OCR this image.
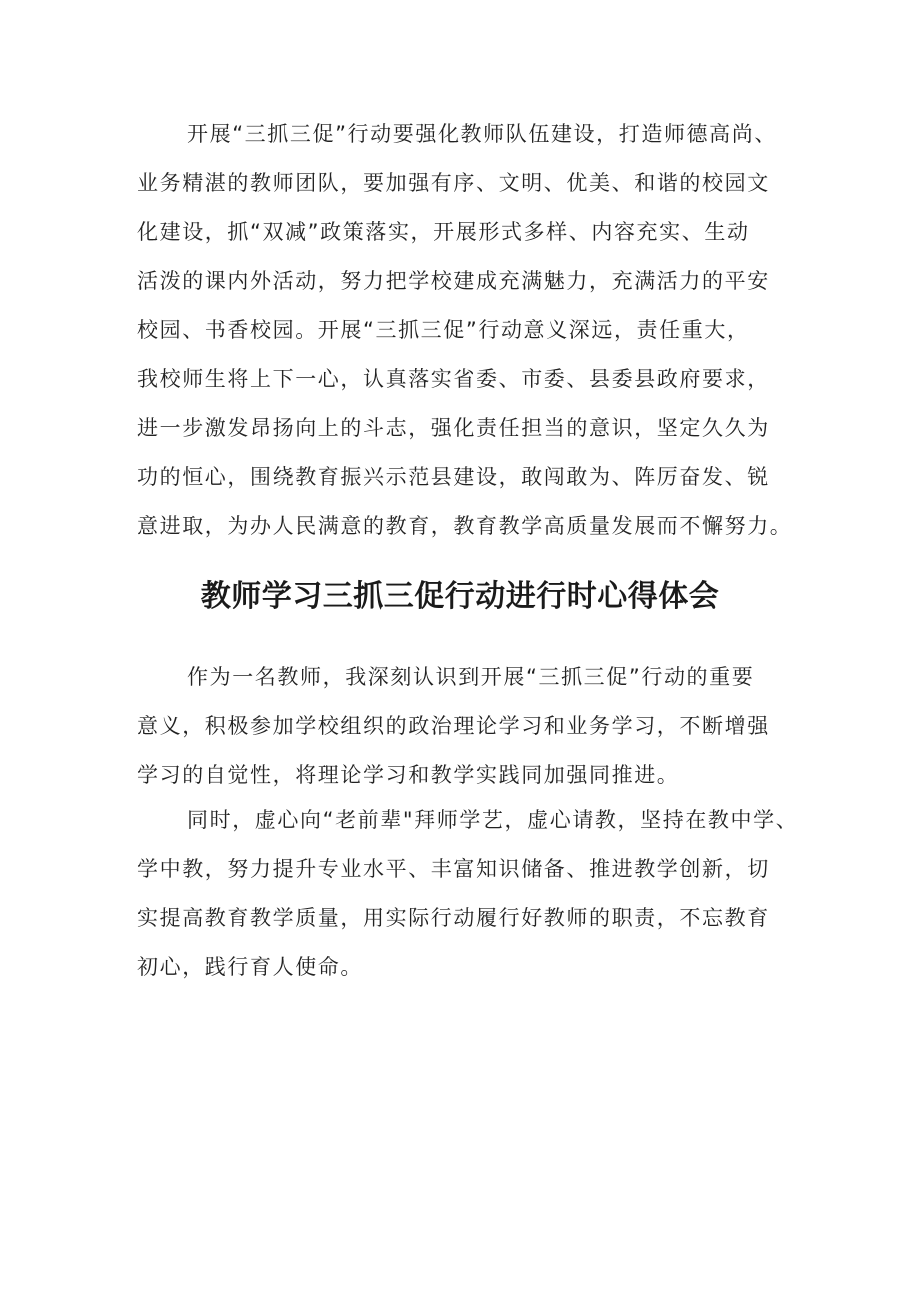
开展“三抓三促”行动要强化教师队伍建设，打造师德高尚、
业务精湛的教师团队，要加强有序、文明、优美、和谐的校园文
化建设，抓“双减”政策落实，开展形式多样、内容充实、生动
活泼的课内外活动，努力把学校建成充满魅力，充满活力的平安
校园、书香校园。开展“三抓三促”行动意义深远，责任重大，
我校师生将上下一心，认真落实省委、市委、县委县政府要求，
进一步激发昂扬向上的斗志，强化责任担当的意识，坚定久久为
功的恒心，围绕教育振兴示范县建设，敢闯敢为、阵厉奋发、锐
意进取，为办人民满意的教育，教育教学高质量发展而不懈努力。
教师学习三抓三促行动进行时心得体会
作为一名教师，我深刻认识到开展“三抓三促”行动的重要
意义，积极参加学校组织的政治理论学习和业务学习，不断增强
学习的自觉性，将理论学习和教学实践同加强同推进。
同时，虚心向“老前辈"拜师学艺，虚心请教，坚持在教中学、
学中教，努力提升专业水平、丰富知识储备、推进教学创新，切
实提高教育教学质量，用实际行动履行好教师的职责，不忘教育
初心，践行育人使命。
